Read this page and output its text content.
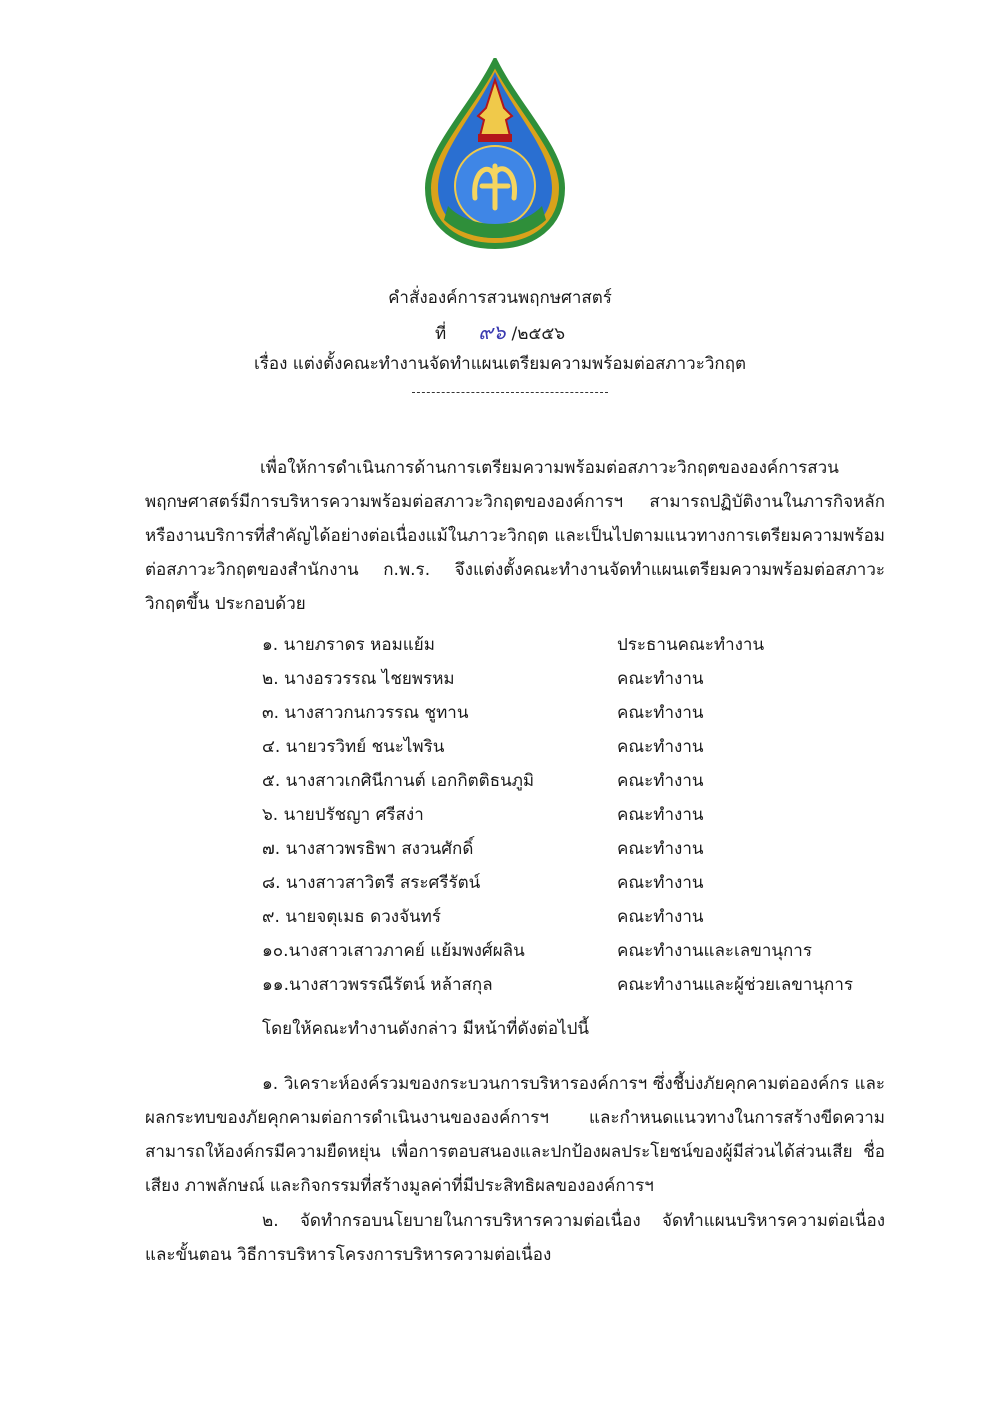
คำสั่งองค์การสวนพฤกษศาสตร์
ที่ ๙๖ /๒๕๕๖
เรื่อง แต่งตั้งคณะทำงานจัดทำแผนเตรียมความพร้อมต่อสภาวะวิกฤต

เพื่อให้การดำเนินการด้านการเตรียมความพร้อมต่อสภาวะวิกฤตขององค์การสวนพฤกษศาสตร์มีการบริหารความพร้อมต่อสภาวะวิกฤตขององค์การฯ สามารถปฏิบัติงานในภารกิจหลักหรืองานบริการที่สำคัญได้อย่างต่อเนื่องแม้ในภาวะวิกฤต และเป็นไปตามแนวทางการเตรียมความพร้อมต่อสภาวะวิกฤตของสำนักงาน ก.พ.ร. จึงแต่งตั้งคณะทำงานจัดทำแผนเตรียมความพร้อมต่อสภาวะวิกฤตขึ้น ประกอบด้วย

๑. นายภราดร หอมแย้ม	ประธานคณะทำงาน
๒. นางอรวรรณ ไชยพรหม	คณะทำงาน
๓. นางสาวกนกวรรณ ชูทาน	คณะทำงาน
๔. นายวรวิทย์ ชนะไพริน	คณะทำงาน
๕. นางสาวเกศินีกานต์ เอกกิตติธนภูมิ	คณะทำงาน
๖. นายปรัชญา ศรีสง่า	คณะทำงาน
๗. นางสาวพรธิพา สงวนศักดิ์	คณะทำงาน
๘. นางสาวสาวิตรี สระศรีรัตน์	คณะทำงาน
๙. นายจตุเมธ ดวงจันทร์	คณะทำงาน
๑๐.นางสาวเสาวภาคย์ แย้มพงศ์ผลิน	คณะทำงานและเลขานุการ
๑๑.นางสาวพรรณีรัตน์ หล้าสกุล	คณะทำงานและผู้ช่วยเลขานุการ
โดยให้คณะทำงานดังกล่าว มีหน้าที่ดังต่อไปนี้

๑. วิเคราะห์องค์รวมของกระบวนการบริหารองค์การฯ ซึ่งชี้บ่งภัยคุกคามต่อองค์กร และผลกระทบของภัยคุกคามต่อการดำเนินงานขององค์การฯ และกำหนดแนวทางในการสร้างขีดความสามารถให้องค์กรมีความยืดหยุ่น เพื่อการตอบสนองและปกป้องผลประโยชน์ของผู้มีส่วนได้ส่วนเสีย ชื่อเสียง ภาพลักษณ์ และกิจกรรมที่สร้างมูลค่าที่มีประสิทธิผลขององค์การฯ

๒. จัดทำกรอบนโยบายในการบริหารความต่อเนื่อง จัดทำแผนบริหารความต่อเนื่อง และขั้นตอน วิธีการบริหารโครงการบริหารความต่อเนื่อง
